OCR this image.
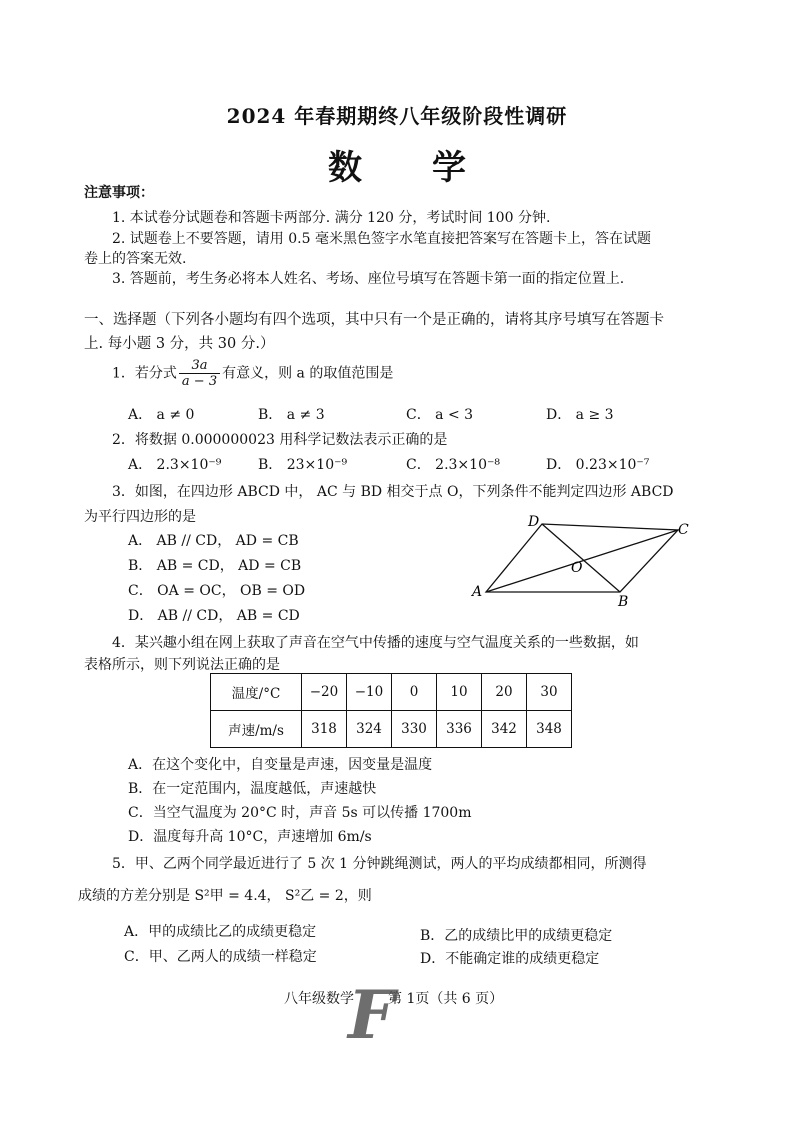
2024 年春期期终八年级阶段性调研
数学
注意事项：
1. 本试卷分试题卷和答题卡两部分. 满分 120 分，考试时间 100 分钟.
2. 试题卷上不要答题，请用 0.5 毫米黑色签字水笔直接把答案写在答题卡上，答在试题
卷上的答案无效.
3. 答题前，考生务必将本人姓名、考场、座位号填写在答题卡第一面的指定位置上.
一、选择题（下列各小题均有四个选项，其中只有一个是正确的，请将其序号填写在答题卡
上. 每小题 3 分，共 30 分.）
1．若分式 $\frac{3a}{a - 3}$ 有意义，则 a 的取值范围是
A． a ≠ 0	B． a ≠ 3	C． a < 3	D． a ≥ 3
2．将数据 0.000000023 用科学记数法表示正确的是
A． 2.3×10⁻⁹	B． 23×10⁻⁹	C． 2.3×10⁻⁸	D． 0.23×10⁻⁷
3．如图，在四边形 ABCD 中， AC 与 BD 相交于点 O，下列条件不能判定四边形 ABCD
为平行四边形的是
A． AB // CD， AD = CB
B． AB = CD， AD = CB
C． OA = OC， OB = OD
D． AB // CD， AB = CD
A
B
C
D
O
4．某兴趣小组在网上获取了声音在空气中传播的速度与空气温度关系的一些数据，如
表格所示，则下列说法正确的是
温度/°C	−20	−10	0	10	20	30
声速/m/s	318	324	330	336	342	348
A．在这个变化中，自变量是声速，因变量是温度
B．在一定范围内，温度越低，声速越快
C．当空气温度为 20°C 时，声音 5s 可以传播 1700m
D．温度每升高 10°C，声速增加 6m/s
5．甲、乙两个同学最近进行了 5 次 1 分钟跳绳测试，两人的平均成绩都相同，所测得
成绩的方差分别是 S²甲 = 4.4， S²乙 = 2，则
A．甲的成绩比乙的成绩更稳定	B．乙的成绩比甲的成绩更稳定
C．甲、乙两人的成绩一样稳定	D．不能确定谁的成绩更稳定
八年级数学 第 1页（共 6 页）
F
